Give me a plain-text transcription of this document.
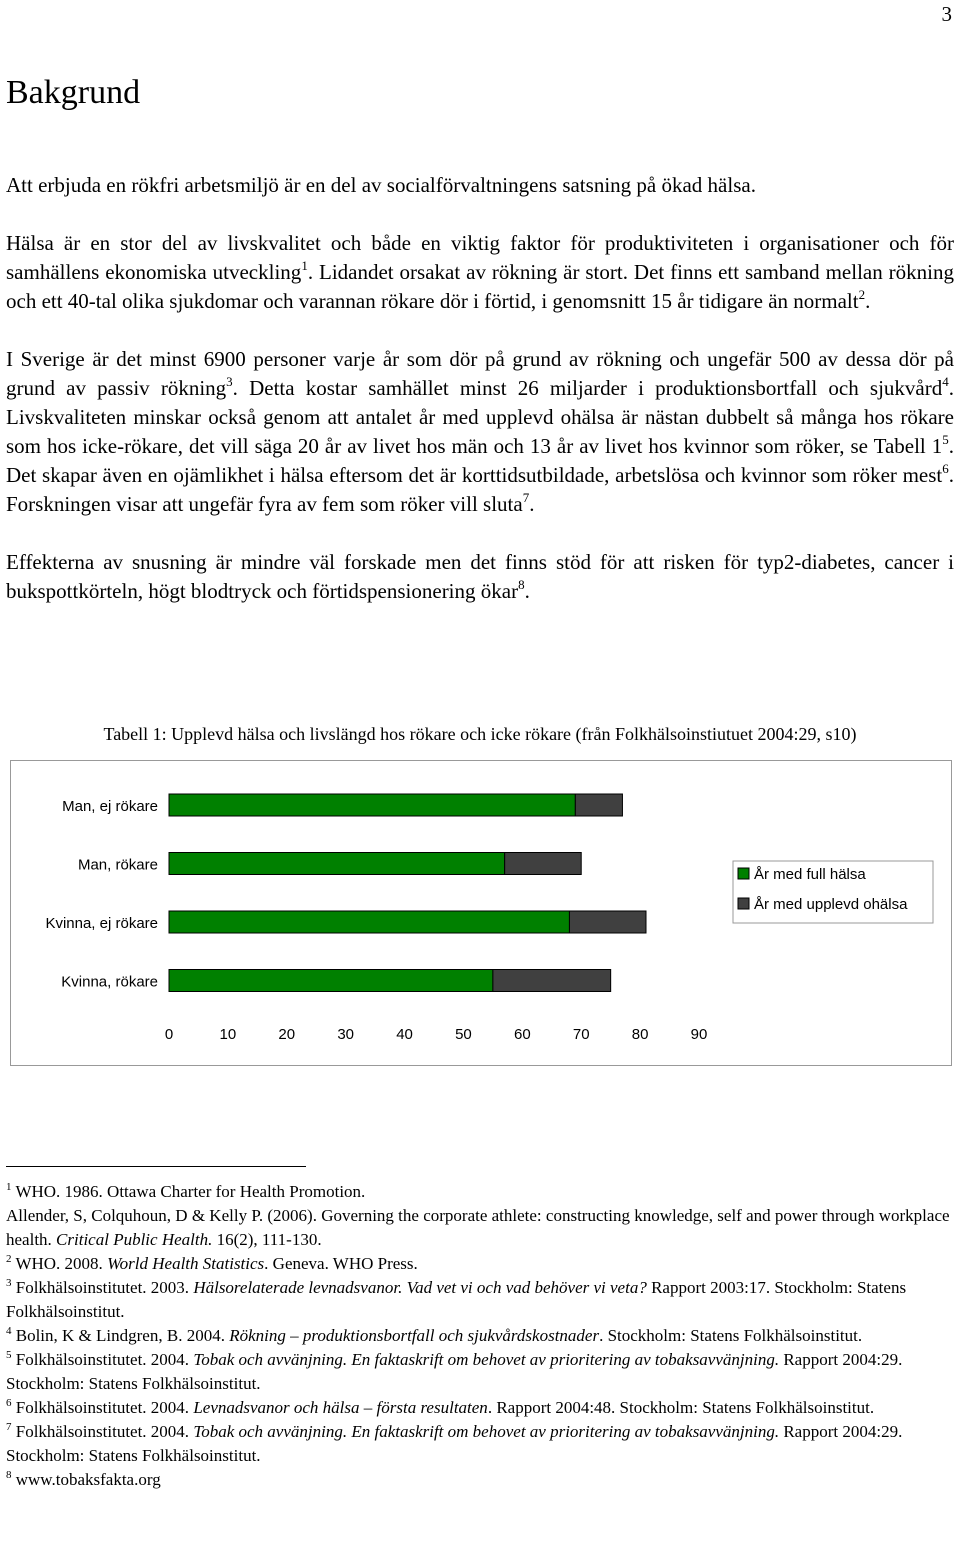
3
Bakgrund

Att erbjuda en rökfri arbetsmiljö är en del av socialförvaltningens satsning på ökad hälsa.

Hälsa är en stor del av livskvalitet och både en viktig faktor för produktiviteten i organisationer och för samhällens ekonomiska utveckling$^1$. Lidandet orsakat av rökning är stort. Det finns ett samband mellan rökning och ett 40-tal olika sjukdomar och varannan rökare dör i förtid, i genomsnitt 15 år tidigare än normalt$^2$.

I Sverige är det minst 6900 personer varje år som dör på grund av rökning och ungefär 500 av dessa dör på grund av passiv rökning$^3$. Detta kostar samhället minst 26 miljarder i produktionsbortfall och sjukvård$^4$. Livskvaliteten minskar också genom att antalet år med upplevd ohälsa är nästan dubbelt så många hos rökare som hos icke-rökare, det vill säga 20 år av livet hos män och 13 år av livet hos kvinnor som röker, se Tabell $1^5$. Det skapar även en ojämlikhet i hälsa eftersom det är korttidsutbildade, arbetslösa och kvinnor som röker mest$^6$. Forskningen visar att ungefär fyra av fem som röker vill sluta$^7$.

Effekterna av snusning är mindre väl forskade men det finns stöd för att risken för typ2-diabetes, cancer i bukspottkörteln, högt blodtryck och förtidspensionering ökar$^8$.

Tabell 1: Upplevd hälsa och livslängd hos rökare och icke rökare (från Folkhälsoinstiutuet 2004:29, s10)
Man, ej rökare
Man, rökare
Kvinna, ej rökare
Kvinna, rökare
0	10	20	30	40	50	60	70	80	90
År med full hälsa
År med upplevd ohälsa

$^1$ WHO. 1986. Ottawa Charter for Health Promotion.

Allender, S, Colquhoun, D & Kelly P. (2006). Governing the corporate athlete: constructing knowledge, self and power through workplace health. Critical Public Health. 16(2), 111-130.

$^2$ WHO. 2008. World Health Statistics. Geneva. WHO Press.

$^3$ Folkhälsoinstitutet. 2003. Hälsorelaterade levnadsvanor. Vad vet vi och vad behöver vi veta? Rapport 2003:17. Stockholm: Statens Folkhälsoinstitut.

$^4$ Bolin, K & Lindgren, B. 2004. Rökning – produktionsbortfall och sjukvårdskostnader. Stockholm: Statens Folkhälsoinstitut.

$^5$ Folkhälsoinstitutet. 2004. Tobak och avvänjning. En faktaskrift om behovet av prioritering av tobaksavvänjning. Rapport 2004:29. Stockholm: Statens Folkhälsoinstitut.

$^6$ Folkhälsoinstitutet. 2004. Levnadsvanor och hälsa – första resultaten. Rapport 2004:48. Stockholm: Statens Folkhälsoinstitut.

$^7$ Folkhälsoinstitutet. 2004. Tobak och avvänjning. En faktaskrift om behovet av prioritering av tobaksavvänjning. Rapport 2004:29. Stockholm: Statens Folkhälsoinstitut.

$^8$ www.tobaksfakta.org
